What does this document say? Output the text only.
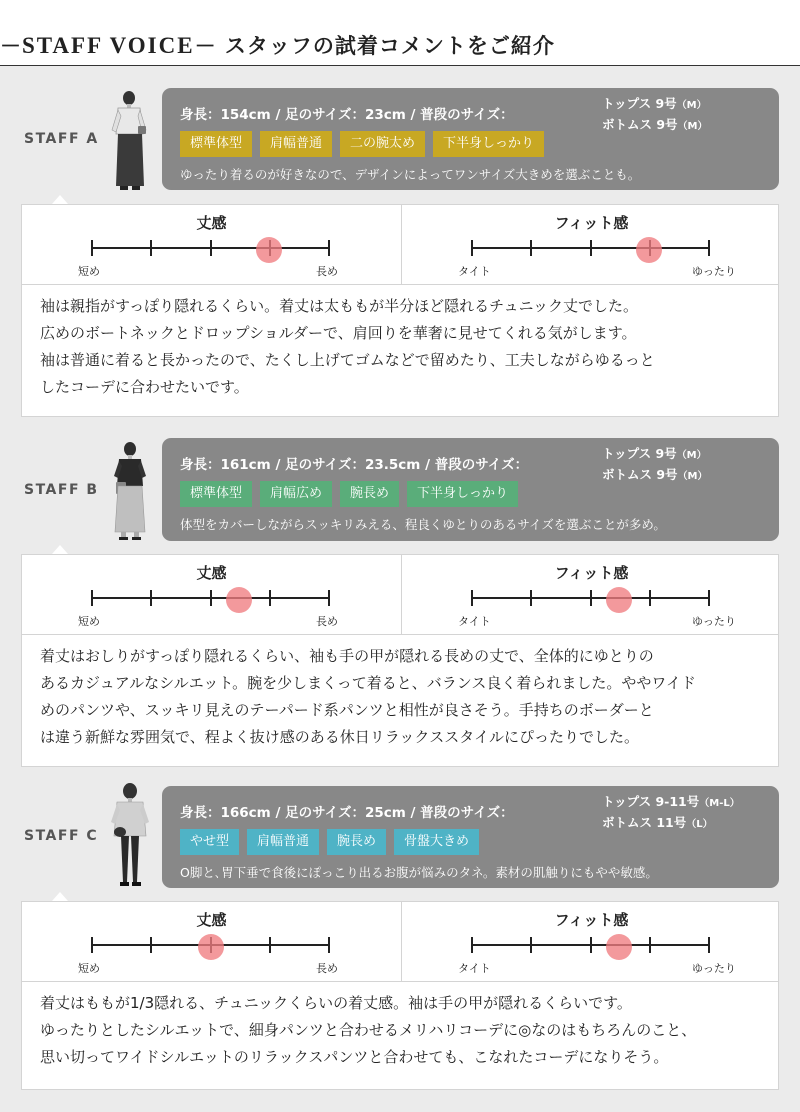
－STAFF VOICE－ スタッフの試着コメントをご紹介
STAFF A
身長：154cm / 足のサイズ：23cm / 普段のサイズ：
トップス 9号（M）
ボトムス 9号（M）
標準体型 肩幅普通 二の腕太め 下半身しっかり
ゆったり着るのが好きなので、デザインによってワンサイズ大きめを選ぶことも。
丈感
短め	長め
フィット感
タイト	ゆったり

袖は親指がすっぽり隠れるくらい。着丈は太ももが半分ほど隠れるチュニック丈でした。

広めのボートネックとドロップショルダーで、肩回りを華奢に見せてくれる気がします。

袖は普通に着ると長かったので、たくし上げてゴムなどで留めたり、工夫しながらゆるっと

したコーデに合わせたいです。

STAFF B
身長：161cm / 足のサイズ：23.5cm / 普段のサイズ：
トップス 9号（M）
ボトムス 9号（M）
標準体型 肩幅広め 腕長め 下半身しっかり
体型をカバーしながらスッキリみえる、程良くゆとりのあるサイズを選ぶことが多め。
丈感
短め	長め
フィット感
タイト	ゆったり

着丈はおしりがすっぽり隠れるくらい、袖も手の甲が隠れる長めの丈で、全体的にゆとりの

あるカジュアルなシルエット。腕を少しまくって着ると、バランス良く着られました。ややワイド

めのパンツや、スッキリ見えのテーパード系パンツと相性が良さそう。手持ちのボーダーと

は違う新鮮な雰囲気で、程よく抜け感のある休日リラックススタイルにぴったりでした。

STAFF C
身長：166cm / 足のサイズ：25cm / 普段のサイズ：
トップス 9-11号（M-L）
ボトムス 11号（L）
やせ型 肩幅普通 腕長め 骨盤大きめ
O脚と､胃下垂で食後にぽっこり出るお腹が悩みのタネ。素材の肌触りにもやや敏感。
丈感
短め	長め
フィット感
タイト	ゆったり

着丈はももが1/3隠れる、チュニックくらいの着丈感。袖は手の甲が隠れるくらいです。

ゆったりとしたシルエットで、細身パンツと合わせるメリハリコーデに◎なのはもちろんのこと、

思い切ってワイドシルエットのリラックスパンツと合わせても、こなれたコーデになりそう。
